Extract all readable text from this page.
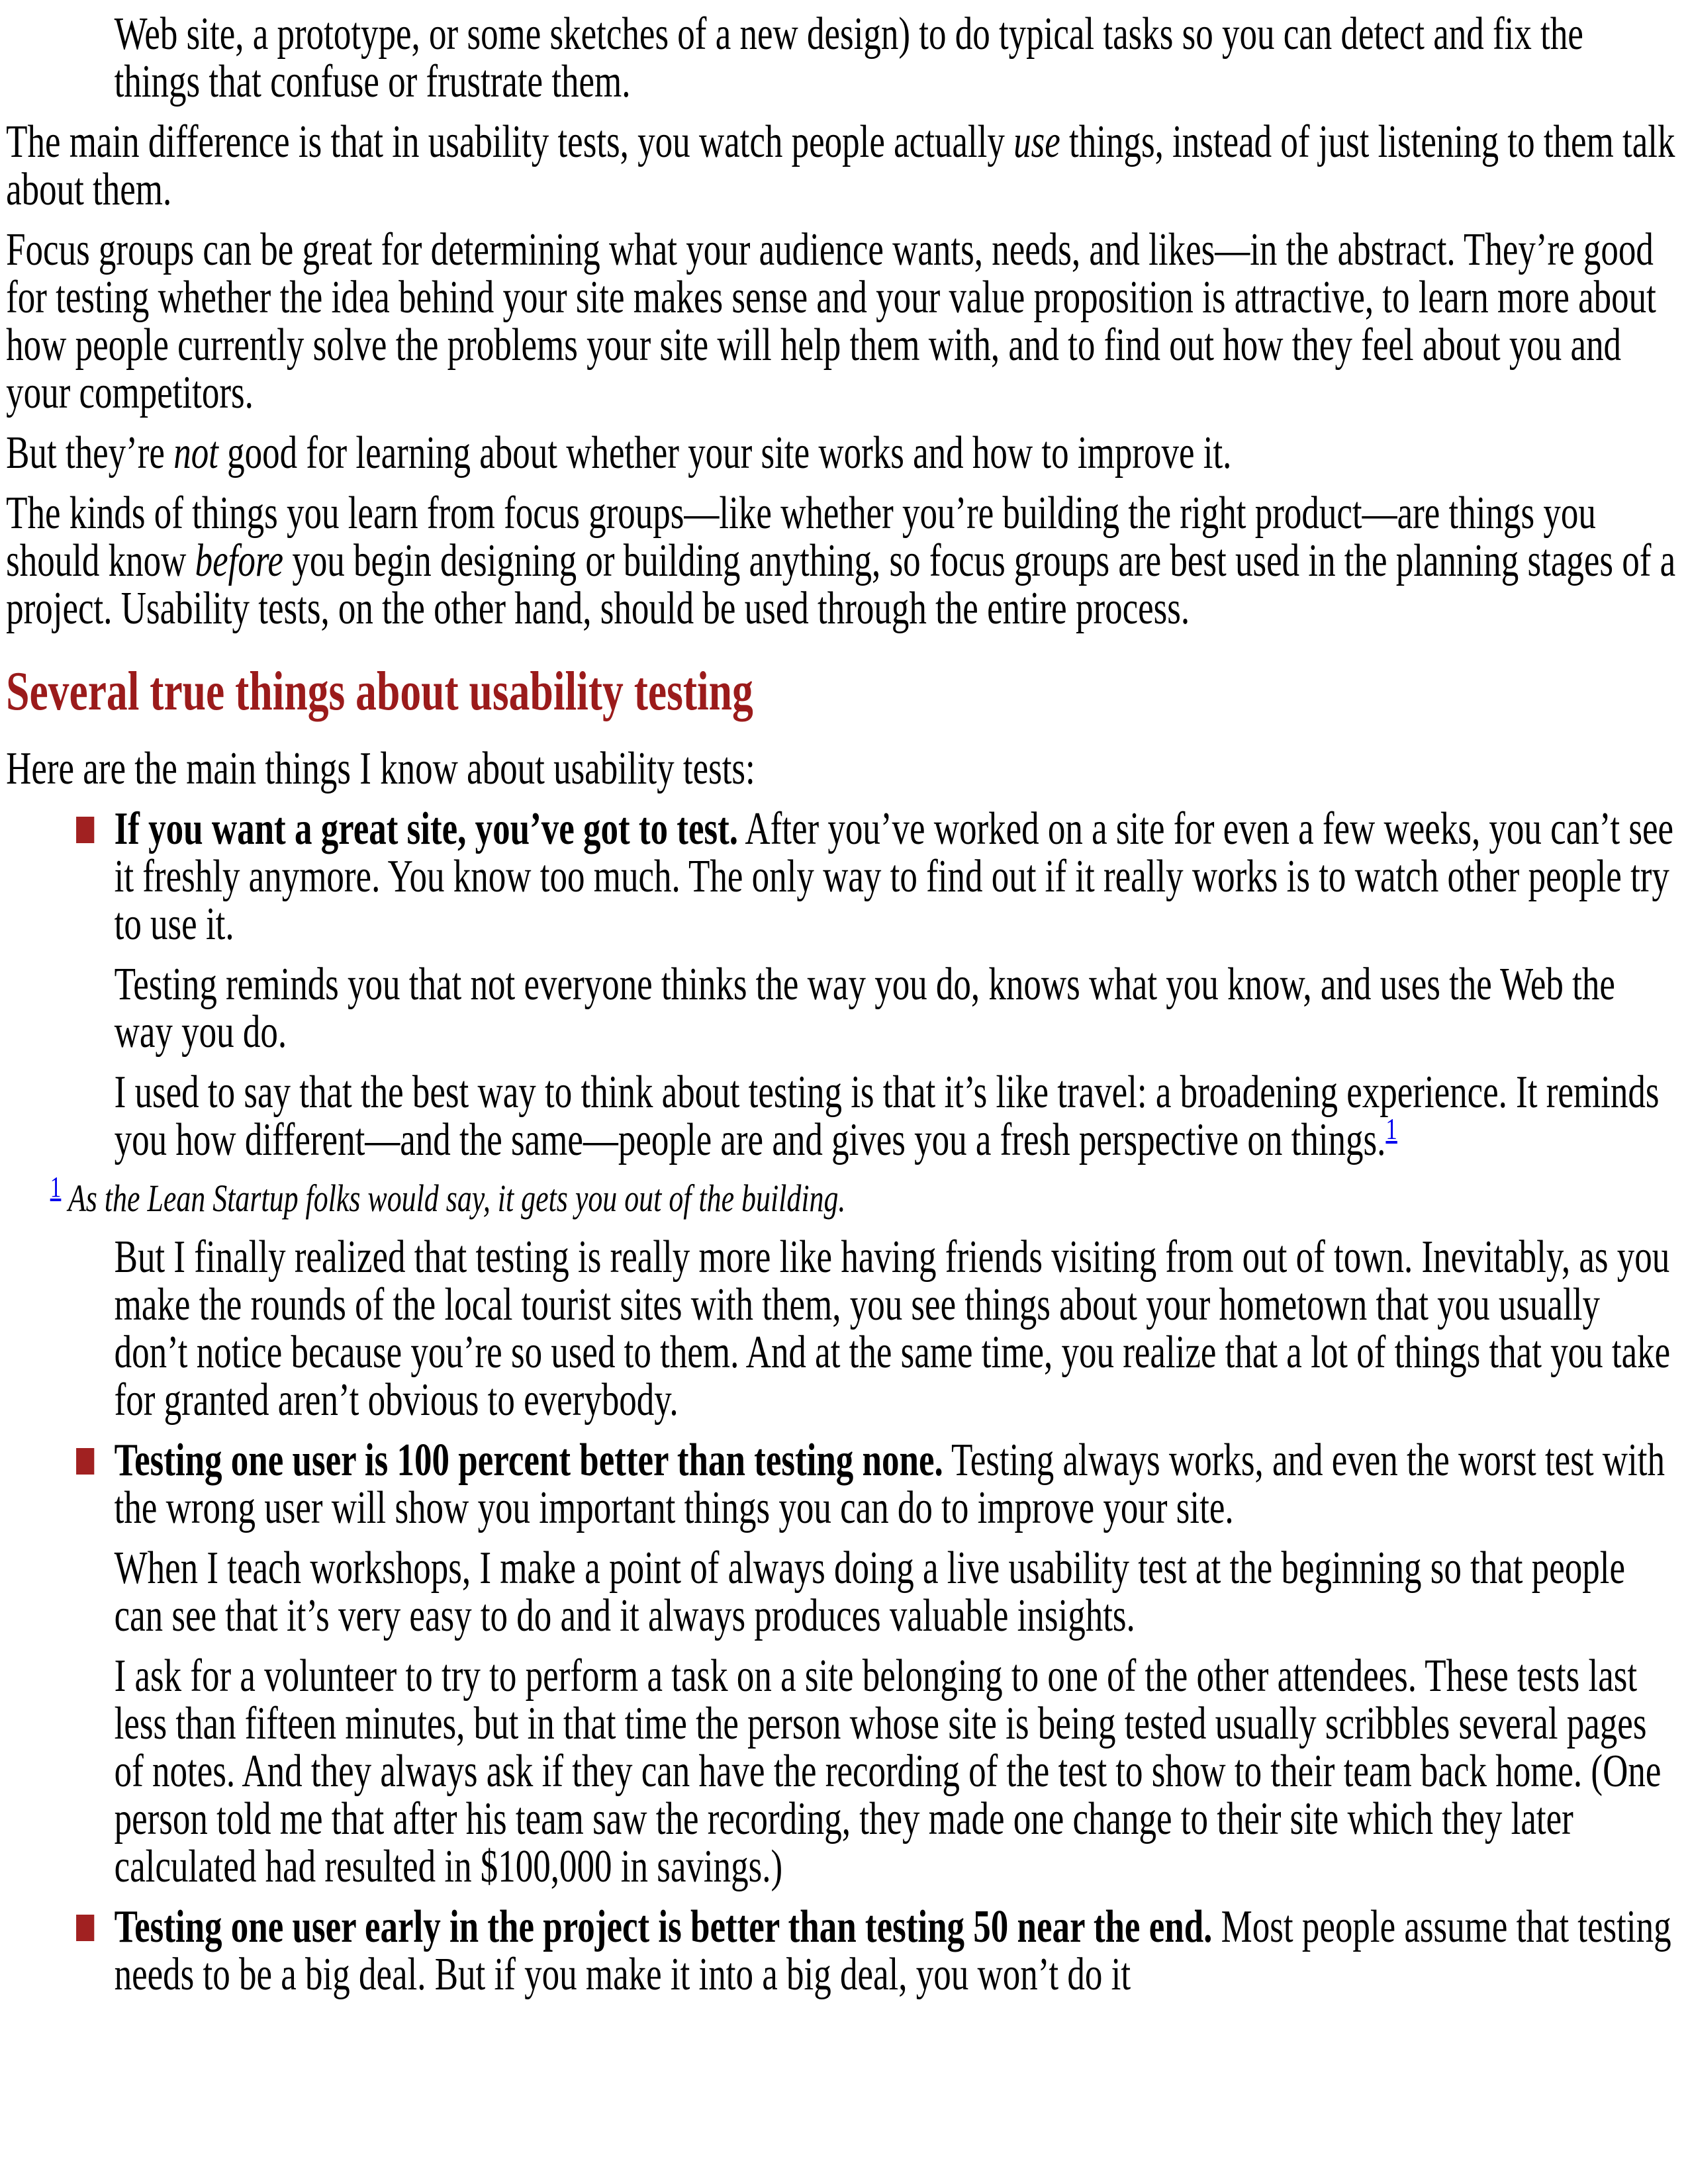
Web site, a prototype, or some sketches of a new design) to do typical tasks so you can detect and fix the things that confuse or frustrate them.

The main difference is that in usability tests, you watch people actually use things, instead of just listening to them talk about them.

Focus groups can be great for determining what your audience wants, needs, and likes—in the abstract. They’re good for testing whether the idea behind your site makes sense and your value proposition is attractive, to learn more about how people currently solve the problems your site will help them with, and to find out how they feel about you and your competitors.

But they’re not good for learning about whether your site works and how to improve it.

The kinds of things you learn from focus groups—like whether you’re building the right product—are things you should know before you begin designing or building anything, so focus groups are best used in the planning stages of a project. Usability tests, on the other hand, should be used through the entire process.

Several true things about usability testing

Here are the main things I know about usability tests:

If you want a great site, you’ve got to test. After you’ve worked on a site for even a few weeks, you can’t see it freshly anymore. You know too much. The only way to find out if it really works is to watch other people try to use it.

Testing reminds you that not everyone thinks the way you do, knows what you know, and uses the Web the way you do.

I used to say that the best way to think about testing is that it’s like travel: a broadening experience. It reminds you how different—and the same—people are and gives you a fresh perspective on things.$^1$

$^1$ As the Lean Startup folks would say, it gets you out of the building.

But I finally realized that testing is really more like having friends visiting from out of town. Inevitably, as you make the rounds of the local tourist sites with them, you see things about your hometown that you usually don’t notice because you’re so used to them. And at the same time, you realize that a lot of things that you take for granted aren’t obvious to everybody.

Testing one user is 100 percent better than testing none. Testing always works, and even the worst test with the wrong user will show you important things you can do to improve your site.

When I teach workshops, I make a point of always doing a live usability test at the beginning so that people can see that it’s very easy to do and it always produces valuable insights.

I ask for a volunteer to try to perform a task on a site belonging to one of the other attendees. These tests last less than fifteen minutes, but in that time the person whose site is being tested usually scribbles several pages of notes. And they always ask if they can have the recording of the test to show to their team back home. (One person told me that after his team saw the recording, they made one change to their site which they later calculated had resulted in $100,000 in savings.)

Testing one user early in the project is better than testing 50 near the end. Most people assume that testing needs to be a big deal. But if you make it into a big deal, you won’t do it
